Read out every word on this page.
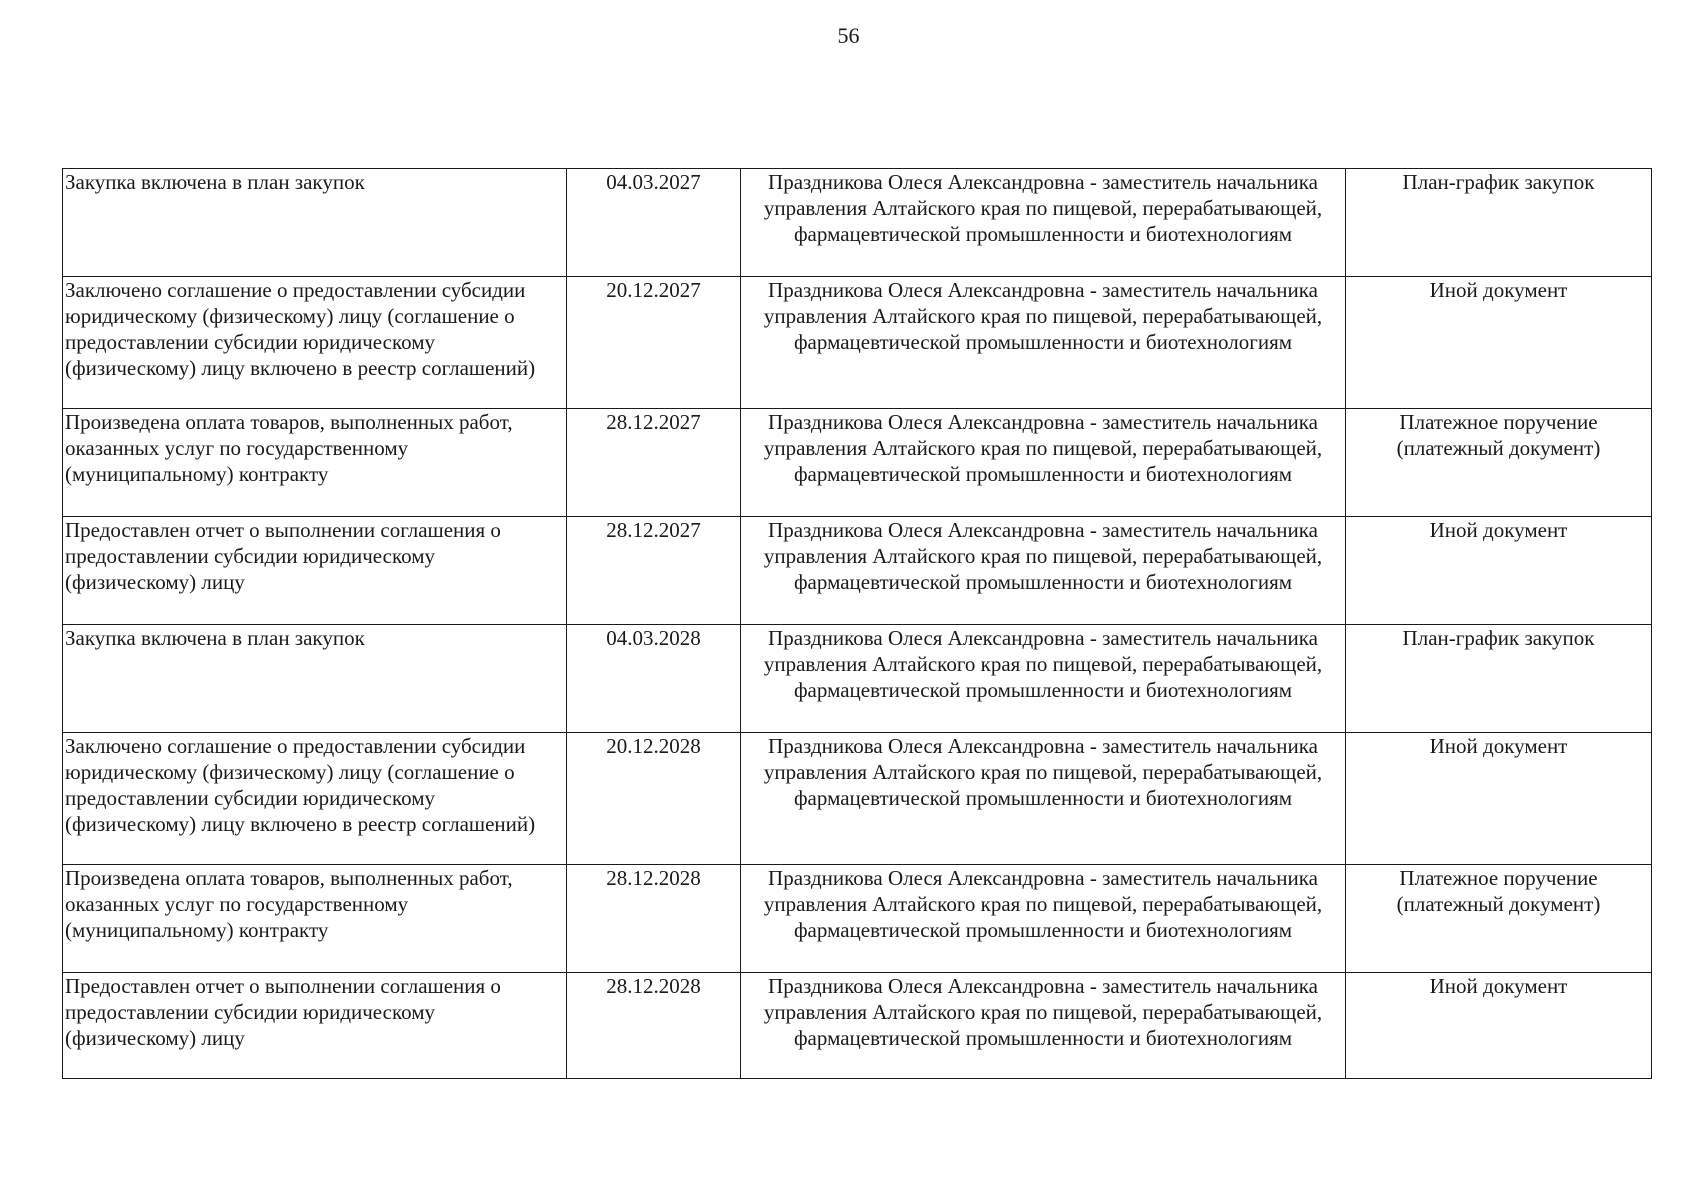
56
Закупка включена в план закупок	04.03.2027	Праздникова Олеся Александровна - заместитель начальника управления Алтайского края по пищевой, перерабатывающей, фармацевтической промышленности и биотехнологиям	План-график закупок
Заключено соглашение о предоставлении субсидии юридическому (физическому) лицу (соглашение о предоставлении субсидии юридическому (физическому) лицу включено в реестр соглашений)	20.12.2027	Праздникова Олеся Александровна - заместитель начальника управления Алтайского края по пищевой, перерабатывающей, фармацевтической промышленности и биотехнологиям	Иной документ
Произведена оплата товаров, выполненных работ, оказанных услуг по государственному (муниципальному) контракту	28.12.2027	Праздникова Олеся Александровна - заместитель начальника управления Алтайского края по пищевой, перерабатывающей, фармацевтической промышленности и биотехнологиям	Платежное поручение (платежный документ)
Предоставлен отчет о выполнении соглашения о предоставлении субсидии юридическому (физическому) лицу	28.12.2027	Праздникова Олеся Александровна - заместитель начальника управления Алтайского края по пищевой, перерабатывающей, фармацевтической промышленности и биотехнологиям	Иной документ
Закупка включена в план закупок	04.03.2028	Праздникова Олеся Александровна - заместитель начальника управления Алтайского края по пищевой, перерабатывающей, фармацевтической промышленности и биотехнологиям	План-график закупок
Заключено соглашение о предоставлении субсидии юридическому (физическому) лицу (соглашение о предоставлении субсидии юридическому (физическому) лицу включено в реестр соглашений)	20.12.2028	Праздникова Олеся Александровна - заместитель начальника управления Алтайского края по пищевой, перерабатывающей, фармацевтической промышленности и биотехнологиям	Иной документ
Произведена оплата товаров, выполненных работ, оказанных услуг по государственному (муниципальному) контракту	28.12.2028	Праздникова Олеся Александровна - заместитель начальника управления Алтайского края по пищевой, перерабатывающей, фармацевтической промышленности и биотехнологиям	Платежное поручение (платежный документ)
Предоставлен отчет о выполнении соглашения о предоставлении субсидии юридическому (физическому) лицу	28.12.2028	Праздникова Олеся Александровна - заместитель начальника управления Алтайского края по пищевой, перерабатывающей, фармацевтической промышленности и биотехнологиям	Иной документ
